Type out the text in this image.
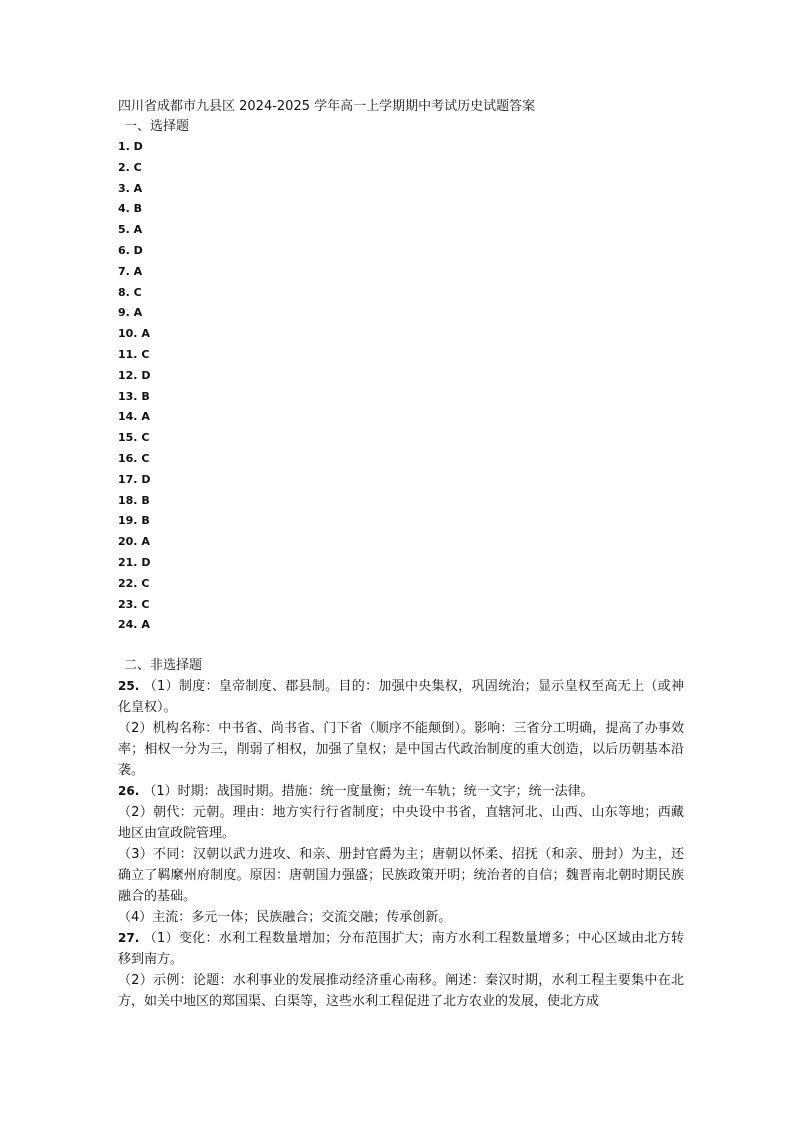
四川省成都市九县区 2024-2025 学年高一上学期期中考试历史试题答案
一、选择题
1. D
2. C
3. A
4. B
5. A
6. D
7. A
8. C
9. A
10. A
11. C
12. D
13. B
14. A
15. C
16. C
17. D
18. B
19. B
20. A
21. D
22. C
23. C
24. A
二、非选择题

25. （1）制度：皇帝制度、郡县制。目的：加强中央集权，巩固统治；显示皇权至高无上（或神化皇权）。

（2）机构名称：中书省、尚书省、门下省（顺序不能颠倒）。影响：三省分工明确，提高了办事效率；相权一分为三，削弱了相权，加强了皇权；是中国古代政治制度的重大创造，以后历朝基本沿袭。

26. （1）时期：战国时期。措施：统一度量衡；统一车轨；统一文字；统一法律。

（2）朝代：元朝。理由：地方实行行省制度；中央设中书省，直辖河北、山西、山东等地；西藏地区由宣政院管理。

（3）不同：汉朝以武力进攻、和亲、册封官爵为主；唐朝以怀柔、招抚（和亲、册封）为主，还确立了羁縻州府制度。原因：唐朝国力强盛；民族政策开明；统治者的自信；魏晋南北朝时期民族融合的基础。

（4）主流：多元一体；民族融合；交流交融；传承创新。

27. （1）变化：水利工程数量增加；分布范围扩大；南方水利工程数量增多；中心区域由北方转移到南方。

（2）示例：论题：水利事业的发展推动经济重心南移。阐述：秦汉时期，水利工程主要集中在北方，如关中地区的郑国渠、白渠等，这些水利工程促进了北方农业的发展，使北方成
